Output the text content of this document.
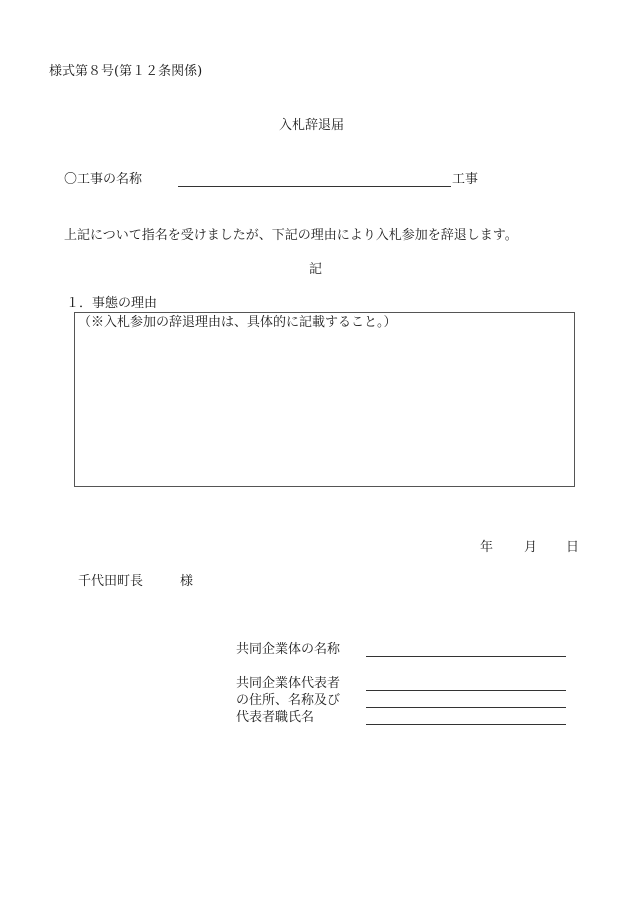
様式第８号(第１２条関係)
入札辞退届
〇工事の名称	工事
上記について指名を受けましたが、下記の理由により入札参加を辞退します。
記
１．事態の理由
（※入札参加の辞退理由は、具体的に記載すること。）
年 月 日
千代田町長	様
共同企業体の名称
共同企業体代表者
の住所、名称及び
代表者職氏名
